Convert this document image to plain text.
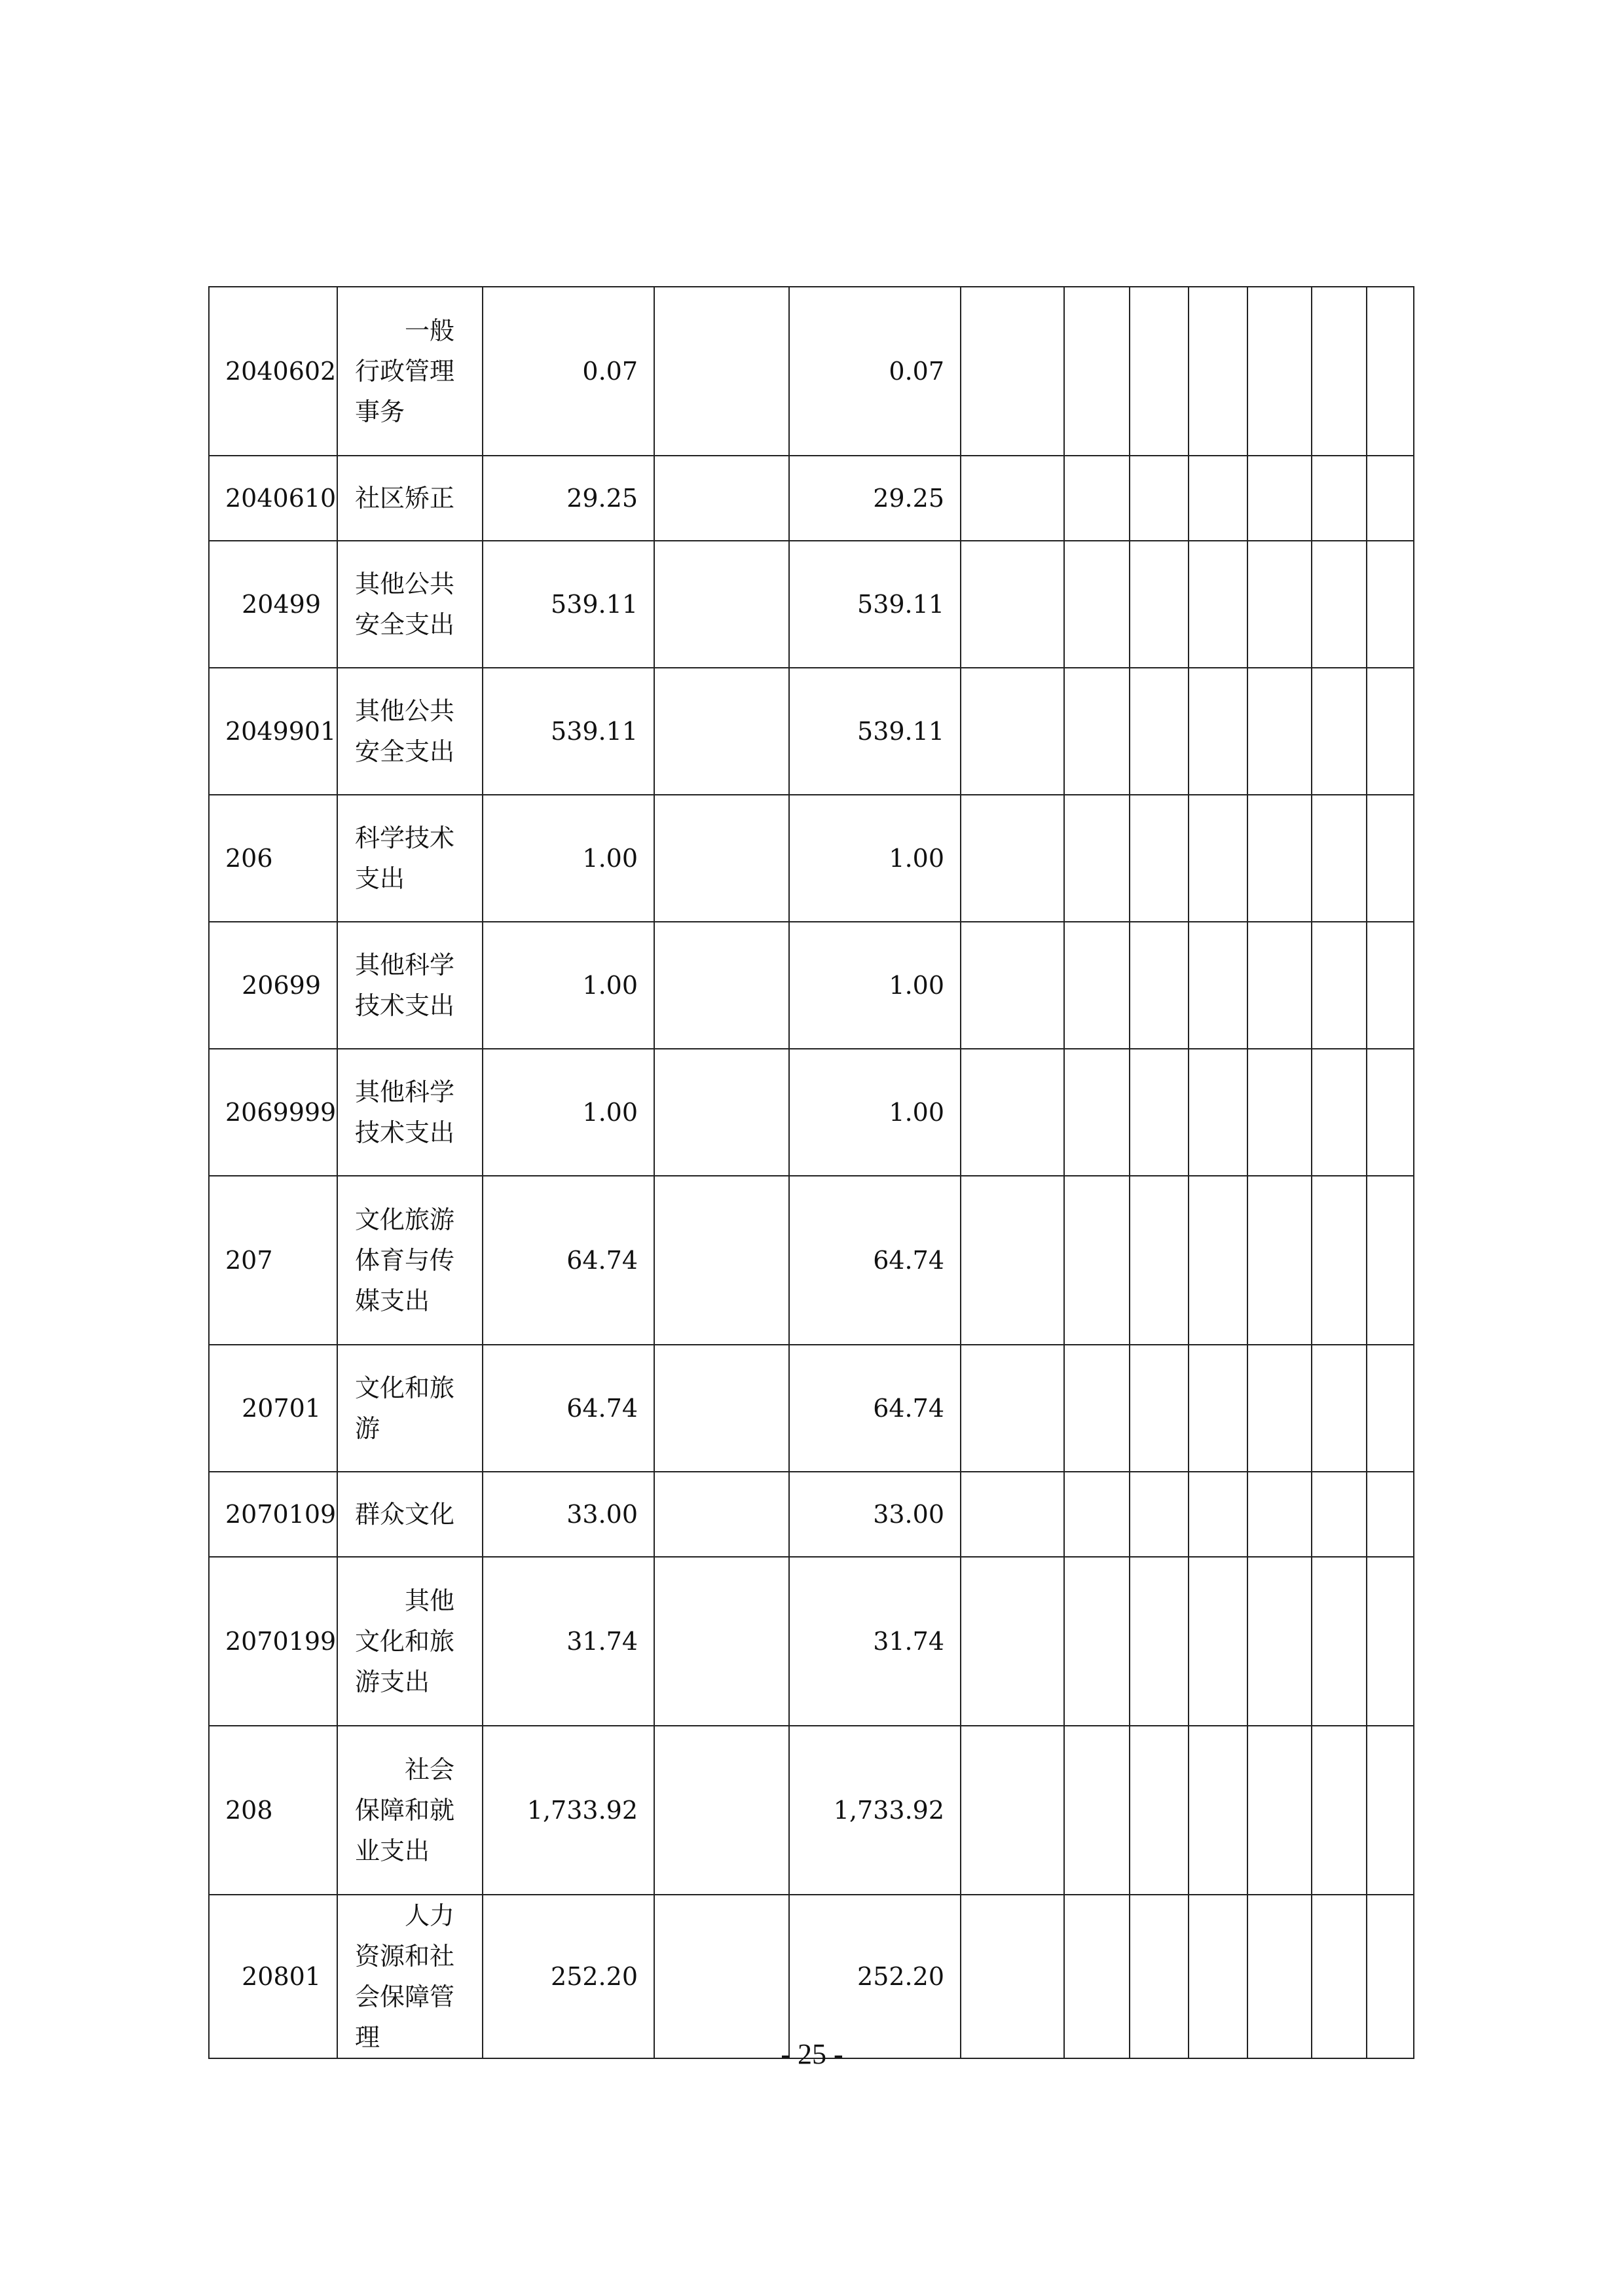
2040602	一般行政管理事务	0.07		0.07							
2040610	社区矫正	29.25		29.25							
20499	其他公共安全支出	539.11		539.11							
2049901	其他公共安全支出	539.11		539.11							
206	科学技术支出	1.00		1.00							
20699	其他科学技术支出	1.00		1.00							
2069999	其他科学技术支出	1.00		1.00							
207	文化旅游体育与传媒支出	64.74		64.74							
20701	文化和旅游	64.74		64.74							
2070109	群众文化	33.00		33.00							
2070199	其他文化和旅游支出	31.74		31.74							
208	社会保障和就业支出	1,733.92		1,733.92							
20801	人力资源和社会保障管理	252.20		252.20							
- 25 -
